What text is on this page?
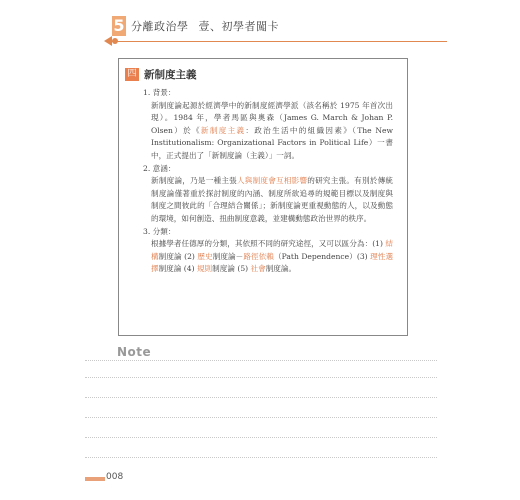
5 分離政治學 壹、初學者闖卡
四 新制度主義

1. 背景：

新制度論起源於經濟學中的新制度經濟學派（該名稱於 1975 年首次出現）。1984 年，學者馬區與奧森（James G. March & Johan P. Olsen）於《新制度主義：政治生活中的組織因素》（The New Institutionalism: Organizational Factors in Political Life）一書中，正式提出了「新制度論（主義）」一詞。

2. 意涵：

新制度論，乃是一種主張人與制度會互相影響的研究主張。有別於傳統制度論僅著重於探討制度的內涵、制度所欲追尋的規範目標以及制度與制度之間彼此的「合理結合關係」；新制度論更重視動態的人，以及動態的環境，如何創造、扭曲制度意義，並建構動態政治世界的秩序。

3. 分類：

根據學者任德厚的分類，其依照不同的研究途徑，又可以區分為：(1) 結構制度論 (2) 歷史制度論－路徑依賴（Path Dependence）(3) 理性選擇制度論 (4) 規則制度論 (5) 社會制度論。

Note
008
